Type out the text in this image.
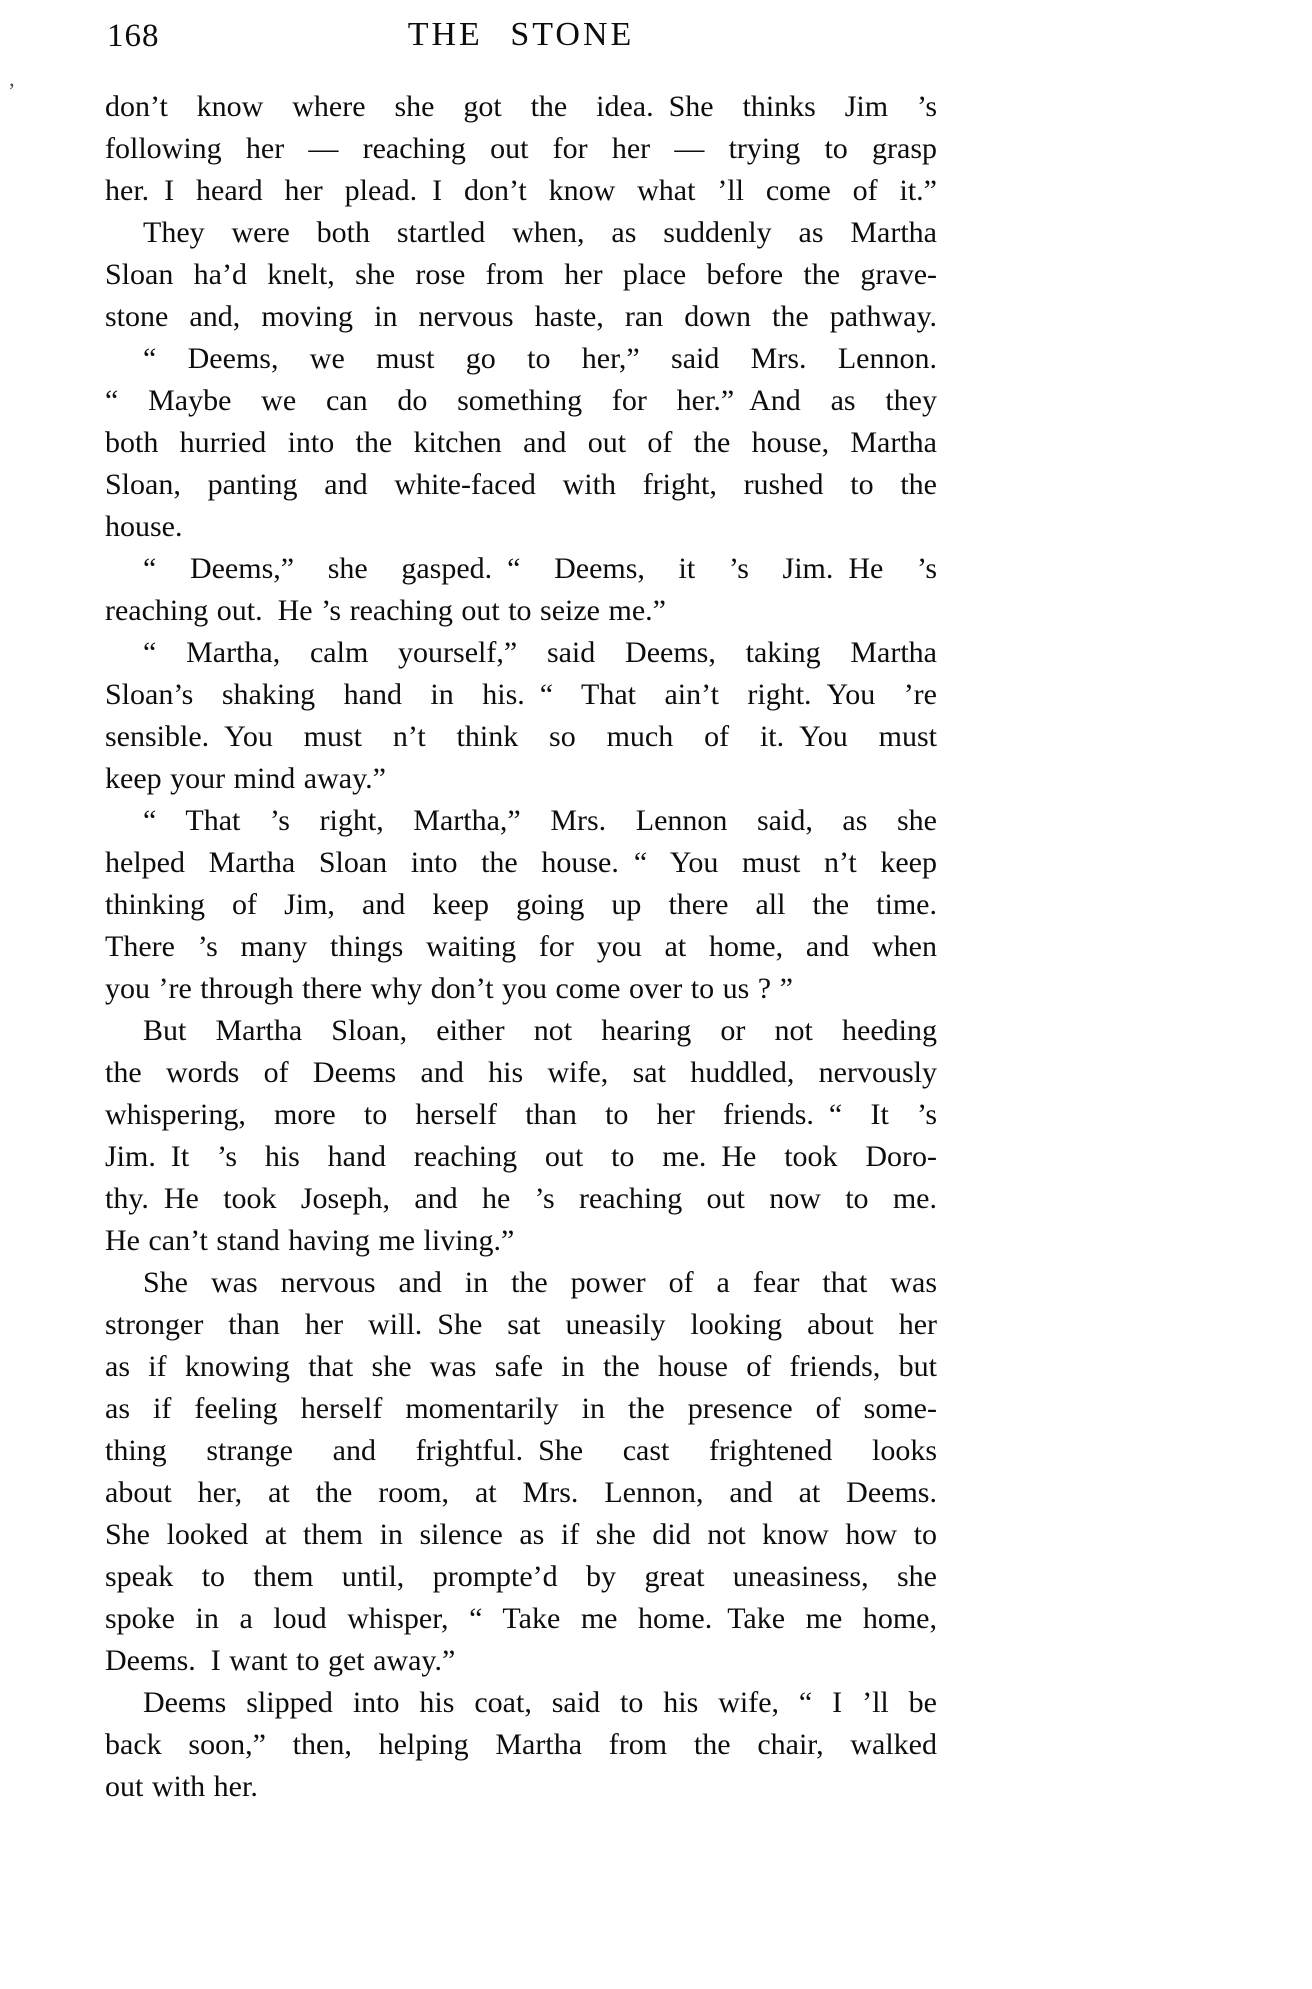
168	THE STONE
’	don’t know where she got the idea. She thinks Jim ’s
following her — reaching out for her — trying to grasp
her. I heard her plead. I don’t know what ’ll come of it.”
They were both startled when, as suddenly as Martha
Sloan ha’d knelt, she rose from her place before the grave-
stone and, moving in nervous haste, ran down the pathway.
“ Deems, we must go to her,” said Mrs. Lennon.
“ Maybe we can do something for her.” And as they
both hurried into the kitchen and out of the house, Martha
Sloan, panting and white-faced with fright, rushed to the
house.
“ Deems,” she gasped. “ Deems, it ’s Jim. He ’s
reaching out. He ’s reaching out to seize me.”
“ Martha, calm yourself,” said Deems, taking Martha
Sloan’s shaking hand in his. “ That ain’t right. You ’re
sensible. You must n’t think so much of it. You must
keep your mind away.”
“ That ’s right, Martha,” Mrs. Lennon said, as she
helped Martha Sloan into the house. “ You must n’t keep
thinking of Jim, and keep going up there all the time.
There ’s many things waiting for you at home, and when
you ’re through there why don’t you come over to us ? ”
But Martha Sloan, either not hearing or not heeding
the words of Deems and his wife, sat huddled, nervouѕly
whispering, more to herself than to her friends. “ It ’s
Jim. It ’s his hand reaching out to me. He took Doro-
thy. He took Joseph, and he ’s reaching out now to me.
He can’t stand having me living.”
She was nervous and in the power of a fear that was
stronger than her will. She sat uneasily looking about her
as if knowing that she was safe in the house of friends, but
as if feeling herself momentarily in the presence of some-
thing strange and frightful. She cast frightened looks
about her, at the room, at Mrs. Lennon, and at Deems.
She looked at them in silence as if she did not know how to
speak to them until, prompte’d by great uneasiness, she
spoke in a loud whisper, “ Take me home. Take me home,
Deems. I want to get away.”
Deems slipped into his coat, said to his wife, “ I ’ll be
back soon,” then, helping Martha from the chair, walked
out with her.
